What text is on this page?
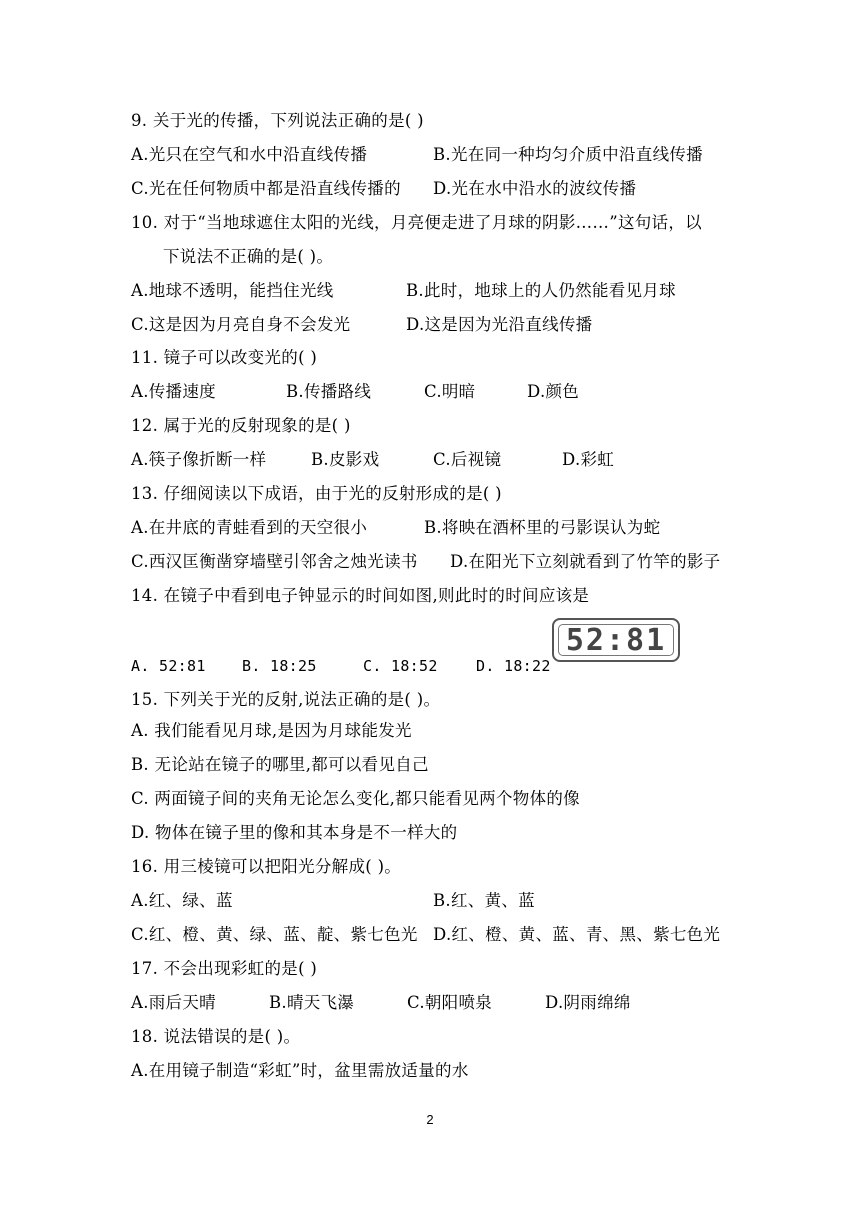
9. 关于光的传播，下列说法正确的是( )
A.光只在空气和水中沿直线传播	B.光在同一种均匀介质中沿直线传播
C.光在任何物质中都是沿直线传播的 D.光在水中沿水的波纹传播
10. 对于“当地球遮住太阳的光线，月亮便走进了月球的阴影……”这句话，以
下说法不正确的是( )。
A.地球不透明，能挡住光线	B.此时，地球上的人仍然能看见月球
C.这是因为月亮自身不会发光	D.这是因为光沿直线传播
11. 镜子可以改变光的( )
A.传播速度	B.传播路线	C.明暗	D.颜色
12. 属于光的反射现象的是( )
A.筷子像折断一样	B.皮影戏	C.后视镜	D.彩虹
13. 仔细阅读以下成语，由于光的反射形成的是( )
A.在井底的青蛙看到的天空很小	B.将映在酒杯里的弓影误认为蛇
C.西汉匡衡凿穿墙壁引邻舍之烛光读书 D.在阳光下立刻就看到了竹竿的影子
14. 在镜子中看到电子钟显示的时间如图,则此时的时间应该是
A. 52:81 B. 18:25	C. 18:52	D. 18:22
52:81
15. 下列关于光的反射,说法正确的是( )。
A. 我们能看见月球,是因为月球能发光
B. 无论站在镜子的哪里,都可以看见自己
C. 两面镜子间的夹角无论怎么变化,都只能看见两个物体的像
D. 物体在镜子里的像和其本身是不一样大的
16. 用三棱镜可以把阳光分解成( )。
A.红、绿、蓝	B.红、黄、蓝
C.红、橙、黄、绿、蓝、靛、紫七色光 D.红、橙、黄、蓝、青、黑、紫七色光
17. 不会出现彩虹的是( )
A.雨后天晴	B.晴天飞瀑	C.朝阳喷泉	D.阴雨绵绵
18. 说法错误的是( )。
A.在用镜子制造“彩虹”时，盆里需放适量的水
2
